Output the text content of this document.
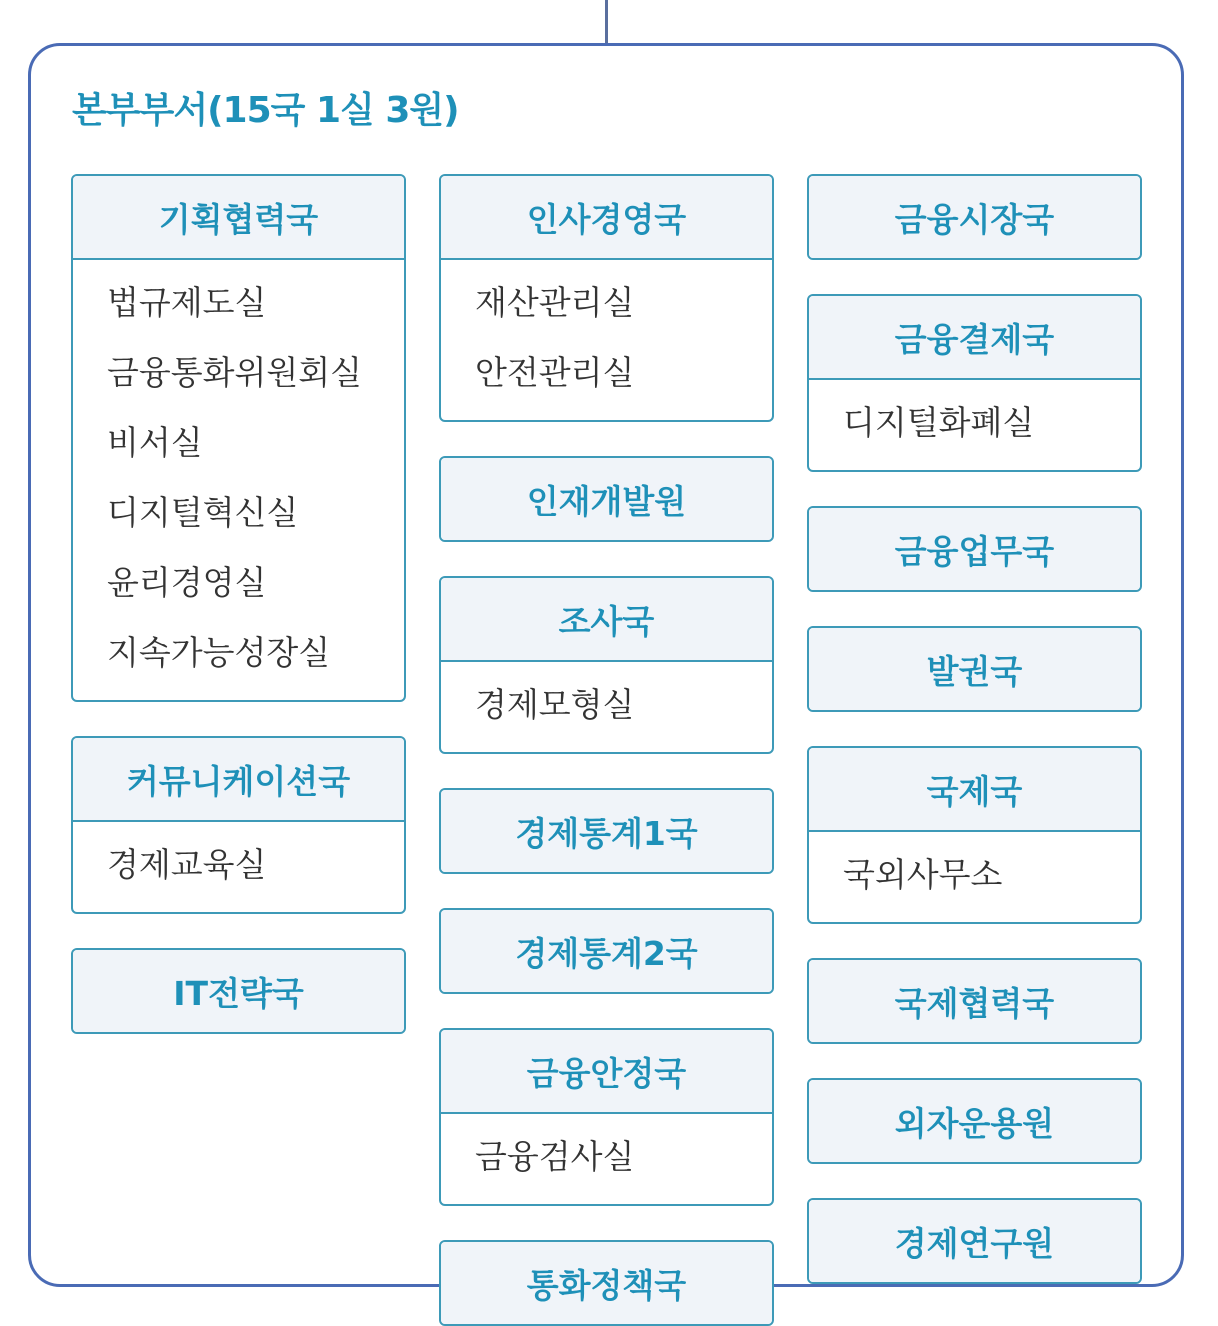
본부부서(15국 1실 3원)
기획협력국
법규제도실
금융통화위원회실
비서실
디지털혁신실
윤리경영실
지속가능성장실
커뮤니케이션국
경제교육실
IT전략국
인사경영국
재산관리실
안전관리실
인재개발원
조사국
경제모형실
경제통계1국
경제통계2국
금융안정국
금융검사실
통화정책국
금융시장국
금융결제국
디지털화폐실
금융업무국
발권국
국제국
국외사무소
국제협력국
외자운용원
경제연구원
